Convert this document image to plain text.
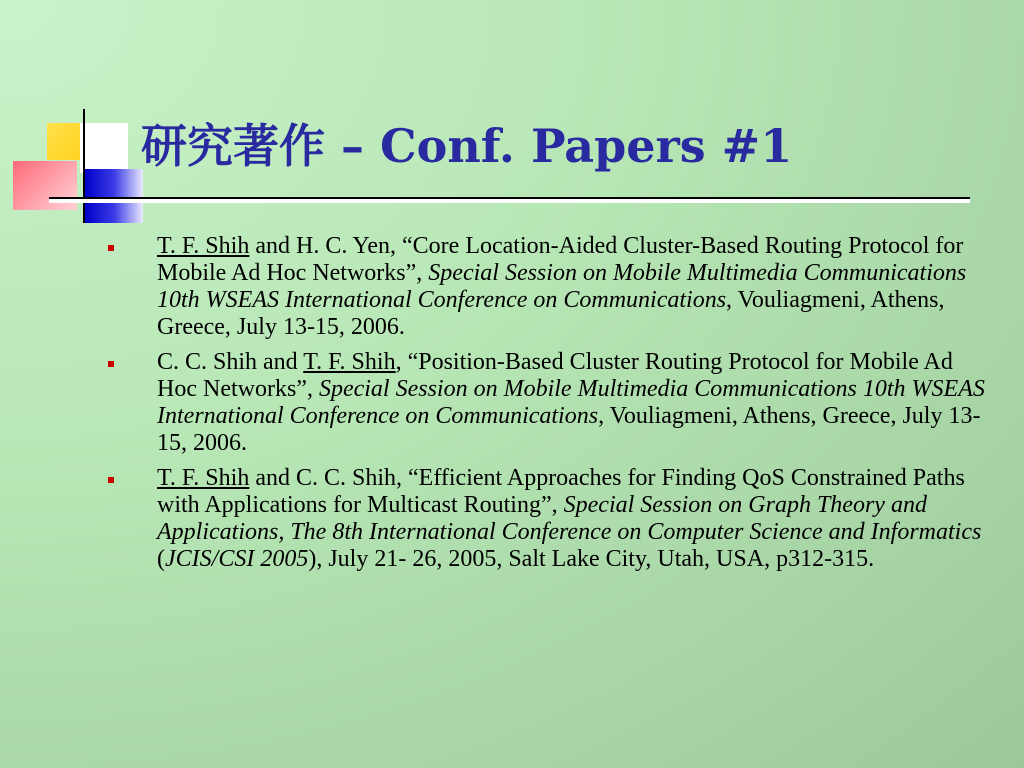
研究著作 – Conf. Papers #1
T. F. Shih and H. C. Yen, “Core Location-Aided Cluster-Based Routing Protocol for Mobile Ad Hoc Networks”, Special Session on Mobile Multimedia Communications 10th WSEAS International Conference on Communications, Vouliagmeni, Athens, Greece, July 13-15, 2006.
C. C. Shih and T. F. Shih, “Position-Based Cluster Routing Protocol for Mobile Ad Hoc Networks”, Special Session on Mobile Multimedia Communications 10th WSEAS International Conference on Communications, Vouliagmeni, Athens, Greece, July 13-15, 2006.
T. F. Shih and C. C. Shih, “Efficient Approaches for Finding QoS Constrained Paths with Applications for Multicast Routing”, Special Session on Graph Theory and Applications, The 8th International Conference on Computer Science and Informatics (JCIS/CSI 2005), July 21- 26, 2005, Salt Lake City, Utah, USA, p312-315.
